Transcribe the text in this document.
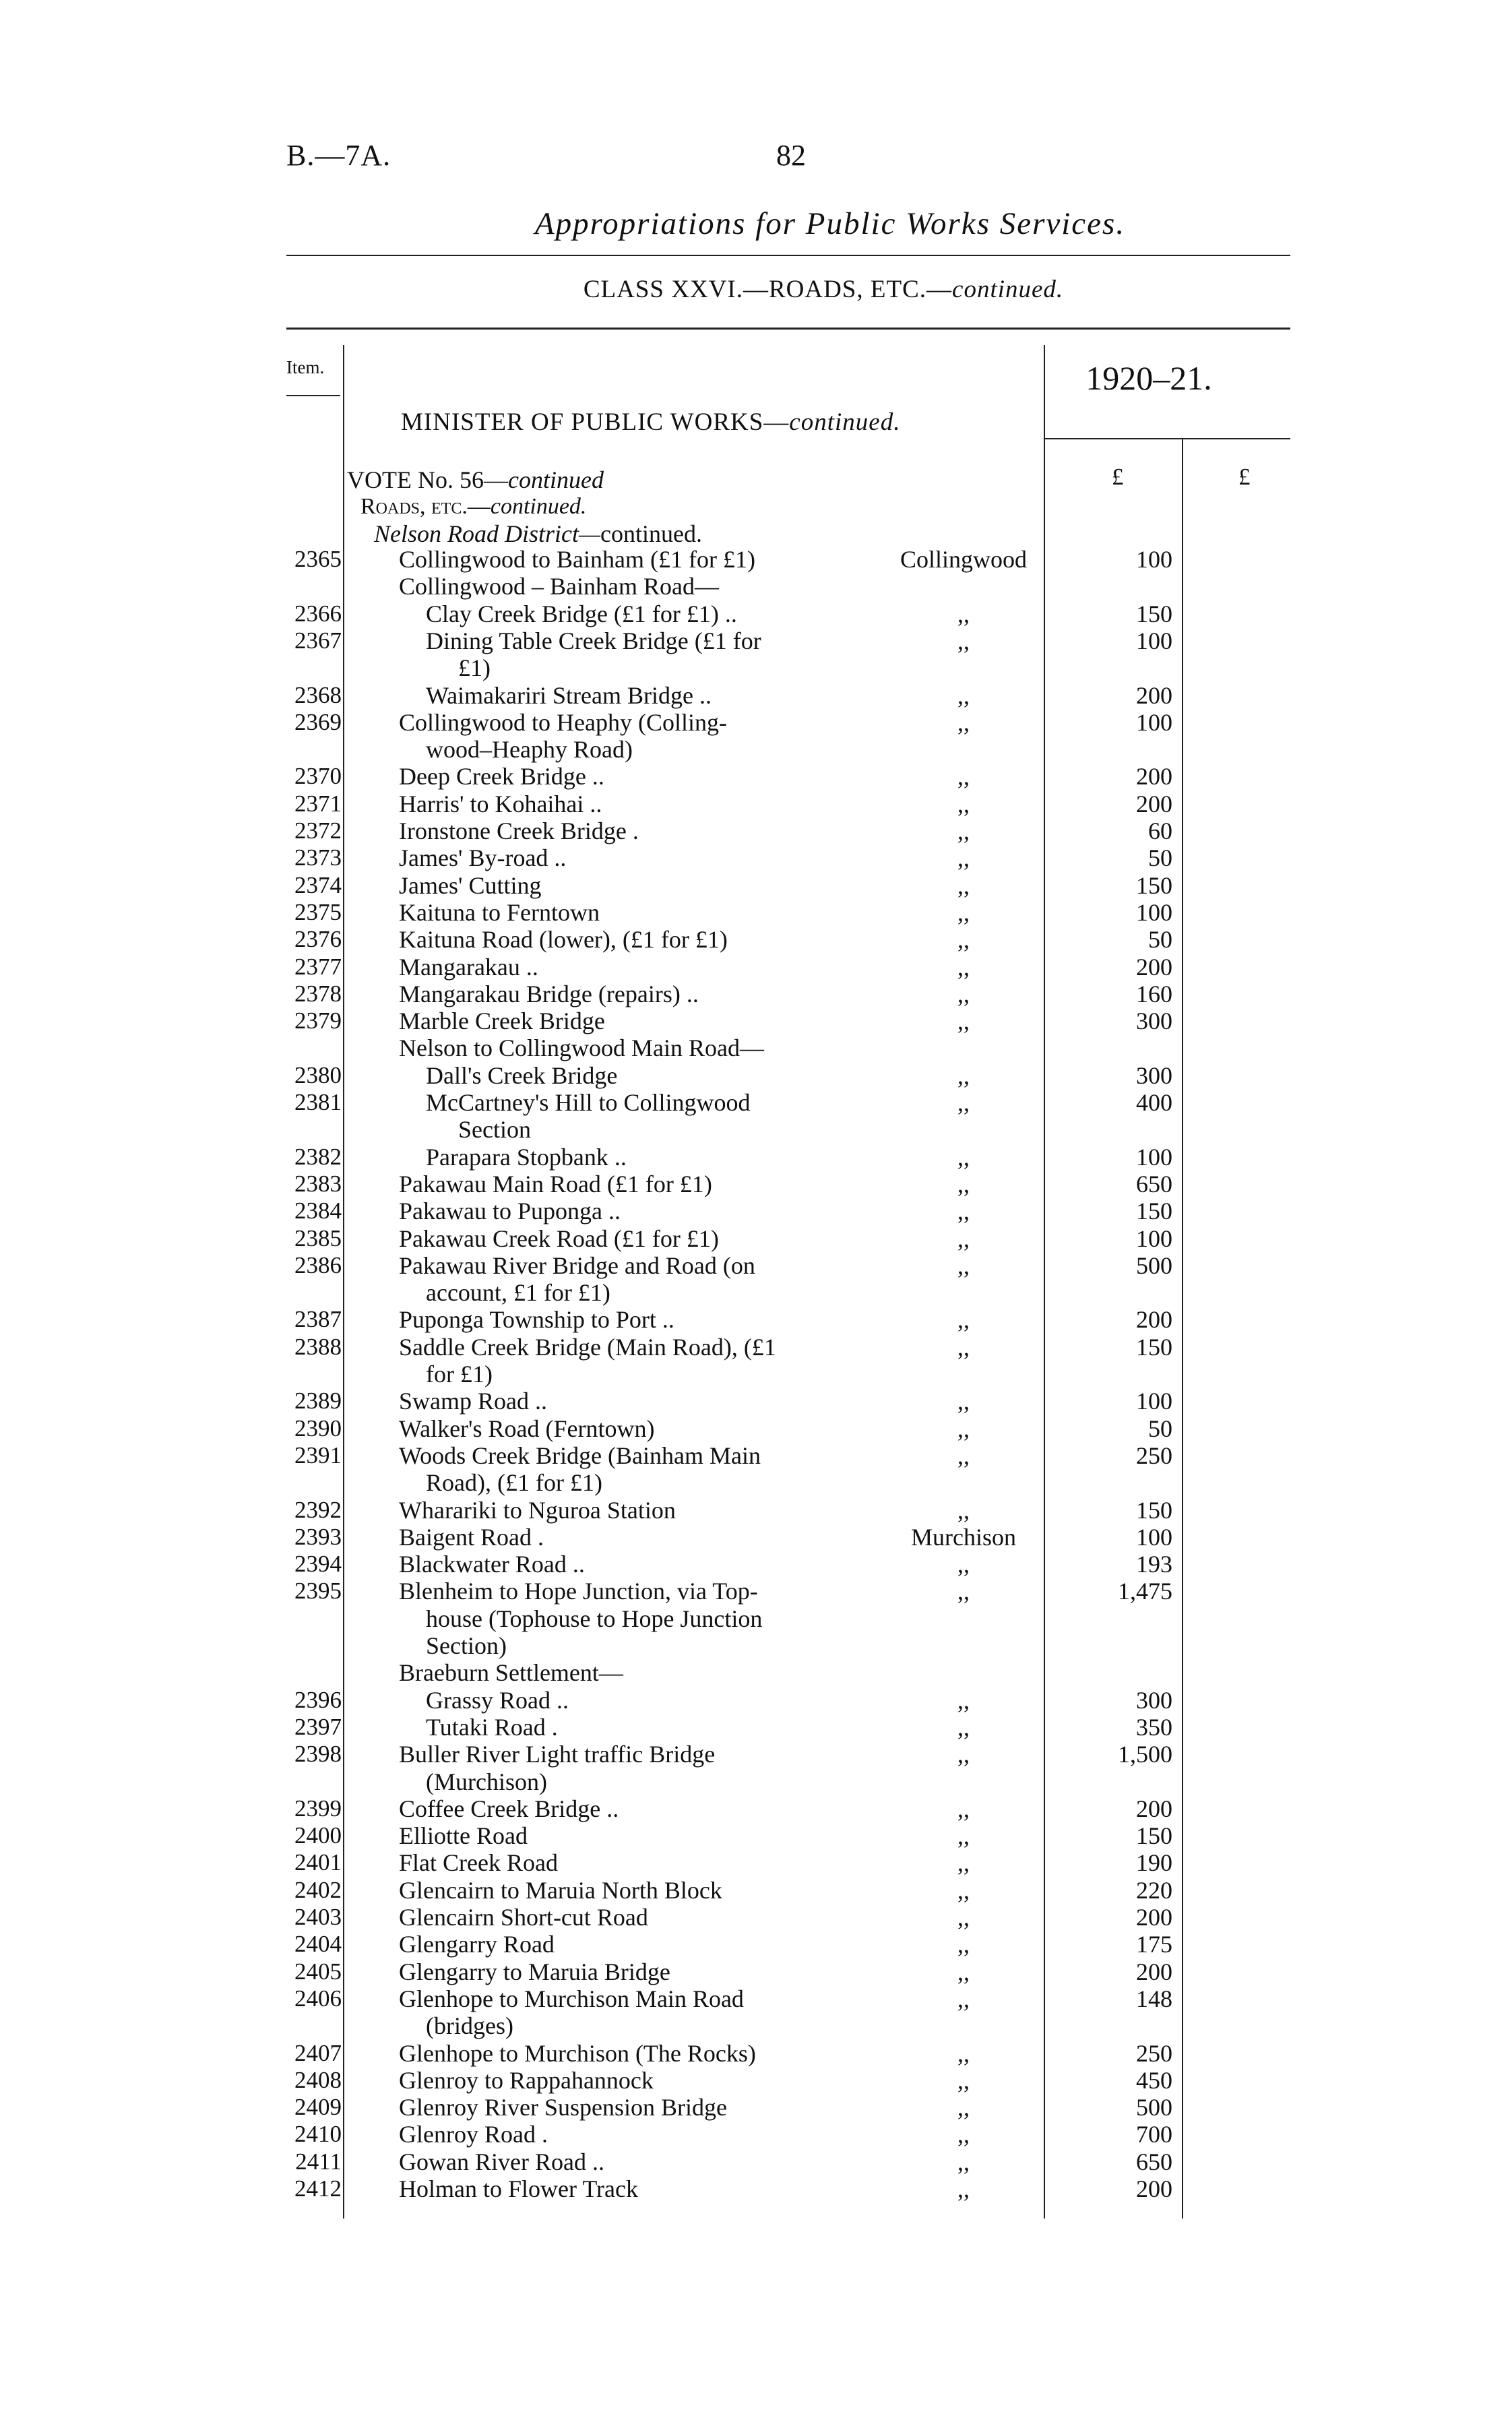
B.—7A.	82
Appropriations for Public Works Services.
CLASS XXVI.—ROADS, ETC.—continued.
Item.	1920–21.
MINISTER OF PUBLIC WORKS—continued.
£	£
VOTE No. 56—continued
Roads, etc.—continued.
Nelson Road District—continued.
2365 Collingwood to Bainham (£1 for £1)	Collingwood	100
Collingwood – Bainham Road—
2366	Clay Creek Bridge (£1 for £1) ..	,,	150
2367	Dining Table Creek Bridge (£1 for	,,	100
£1)
2368	Waimakariri Stream Bridge ..	,,	200
2369 Collingwood to Heaphy (Colling-	,,	100
wood–Heaphy Road)
2370 Deep Creek Bridge ..	,,	200
2371 Harris' to Kohaihai ..	,,	200
2372 Ironstone Creek Bridge .	,,	60
2373 James' By-road ..	,,	50
2374 James' Cutting	,,	150
2375 Kaituna to Ferntown	,,	100
2376 Kaituna Road (lower), (£1 for £1)	,,	50
2377 Mangarakau ..	,,	200
2378 Mangarakau Bridge (repairs) ..	,,	160
2379 Marble Creek Bridge	,,	300
Nelson to Collingwood Main Road—
2380	Dall's Creek Bridge	,,	300
2381	McCartney's Hill to Collingwood	,,	400
Section
2382	Parapara Stopbank ..	,,	100
2383 Pakawau Main Road (£1 for £1)	,,	650
2384 Pakawau to Puponga ..	,,	150
2385 Pakawau Creek Road (£1 for £1)	,,	100
2386 Pakawau River Bridge and Road (on	,,	500
account, £1 for £1)
2387 Puponga Township to Port ..	,,	200
2388 Saddle Creek Bridge (Main Road), (£1	,,	150
for £1)
2389 Swamp Road ..	,,	100
2390 Walker's Road (Ferntown)	,,	50
2391 Woods Creek Bridge (Bainham Main	,,	250
Road), (£1 for £1)
2392 Wharariki to Nguroa Station	,,	150
2393 Baigent Road .	Murchison	100
2394 Blackwater Road ..	,,	193
2395 Blenheim to Hope Junction, via Top-	,,	1,475
house (Tophouse to Hope Junction
Section)
Braeburn Settlement—
2396	Grassy Road ..	,,	300
2397	Tutaki Road .	,,	350
2398 Buller River Light traffic Bridge	,,	1,500
(Murchison)
2399 Coffee Creek Bridge ..	,,	200
2400 Elliotte Road	,,	150
2401 Flat Creek Road	,,	190
2402 Glencairn to Maruia North Block	,,	220
2403 Glencairn Short-cut Road	,,	200
2404 Glengarry Road	,,	175
2405 Glengarry to Maruia Bridge	,,	200
2406 Glenhope to Murchison Main Road	,,	148
(bridges)
2407 Glenhope to Murchison (The Rocks)	,,	250
2408 Glenroy to Rappahannock	,,	450
2409 Glenroy River Suspension Bridge	,,	500
2410 Glenroy Road .	,,	700
2411 Gowan River Road ..	,,	650
2412 Holman to Flower Track	,,	200
